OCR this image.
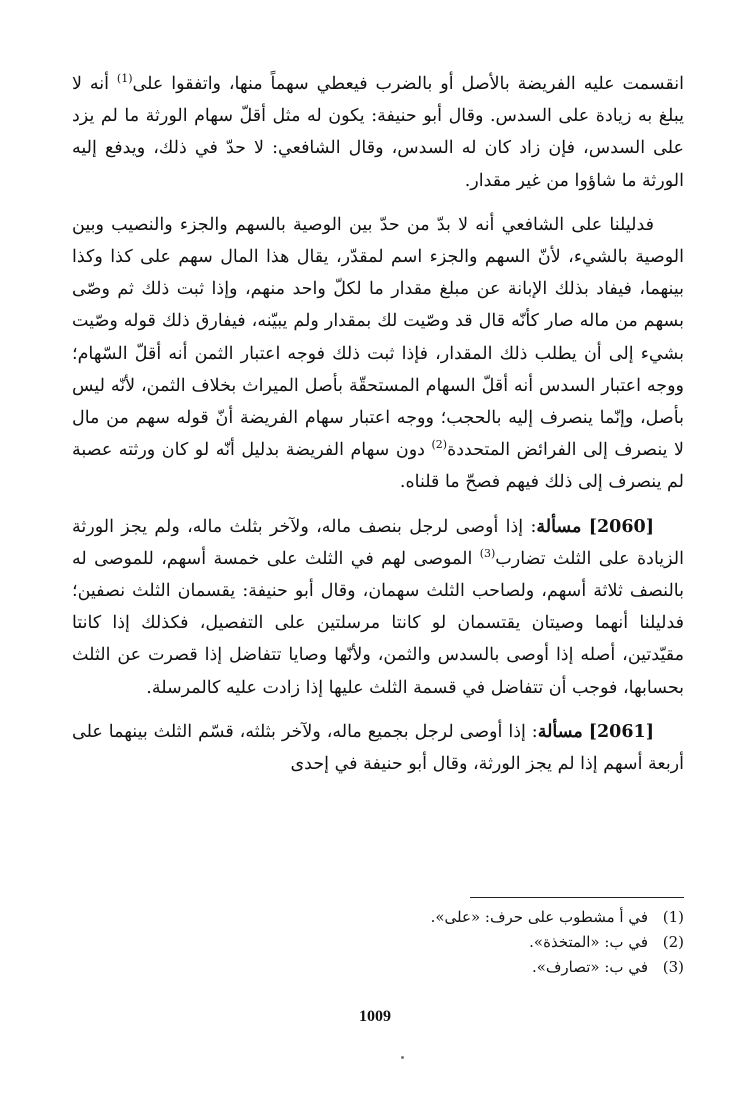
انقسمت عليه الفريضة بالأصل أو بالضرب فيعطي سهماً منها، واتفقوا على$^{(1)}$ أنه لا يبلغ به زيادة على السدس. وقال أبو حنيفة: يكون له مثل أقلّ سهام الورثة ما لم يزد على السدس، فإن زاد كان له السدس، وقال الشافعي: لا حدّ في ذلك، ويدفع إليه الورثة ما شاؤوا من غير مقدار.

فدليلنا على الشافعي أنه لا بدّ من حدّ بين الوصية بالسهم والجزء والنصيب وبين الوصية بالشيء، لأنّ السهم والجزء اسم لمقدّر، يقال هذا المال سهم على كذا وكذا بينهما، فيفاد بذلك الإبانة عن مبلغ مقدار ما لكلّ واحد منهم، وإذا ثبت ذلك ثم وصّى بسهم من ماله صار كأنّه قال قد وصّيت لك بمقدار ولم يبيّنه، فيفارق ذلك قوله وصّيت بشيء إلى أن يطلب ذلك المقدار، فإذا ثبت ذلك فوجه اعتبار الثمن أنه أقلّ السّهام؛ ووجه اعتبار السدس أنه أقلّ السهام المستحقّة بأصل الميراث بخلاف الثمن، لأنّه ليس بأصل، وإنّما ينصرف إليه بالحجب؛ ووجه اعتبار سهام الفريضة أنّ قوله سهم من مال لا ينصرف إلى الفرائض المتحددة$^{(2)}$ دون سهام الفريضة بدليل أنّه لو كان ورثته عصبة لم ينصرف إلى ذلك فيهم فصحّ ما قلناه.

[2060] مسألة: إذا أوصى لرجل بنصف ماله، ولآخر بثلث ماله، ولم يجز الورثة الزيادة على الثلث تضارب$^{(3)}$ الموصى لهم في الثلث على خمسة أسهم، للموصى له بالنصف ثلاثة أسهم، ولصاحب الثلث سهمان، وقال أبو حنيفة: يقسمان الثلث نصفين؛ فدليلنا أنهما وصيتان يقتسمان لو كانتا مرسلتين على التفصيل، فكذلك إذا كانتا مقيّدتين، أصله إذا أوصى بالسدس والثمن، ولأنّها وصايا تتفاضل إذا قصرت عن الثلث بحسابها، فوجب أن تتفاضل في قسمة الثلث عليها إذا زادت عليه كالمرسلة.

[2061] مسألة: إذا أوصى لرجل بجميع ماله، ولآخر بثلثه، قسّم الثلث بينهما على أربعة أسهم إذا لم يجز الورثة، وقال أبو حنيفة في إحدى

(1)في أ مشطوب على حرف: «على».
(2)في ب: «المتخذة».
(3)في ب: «تصارف».
1009
